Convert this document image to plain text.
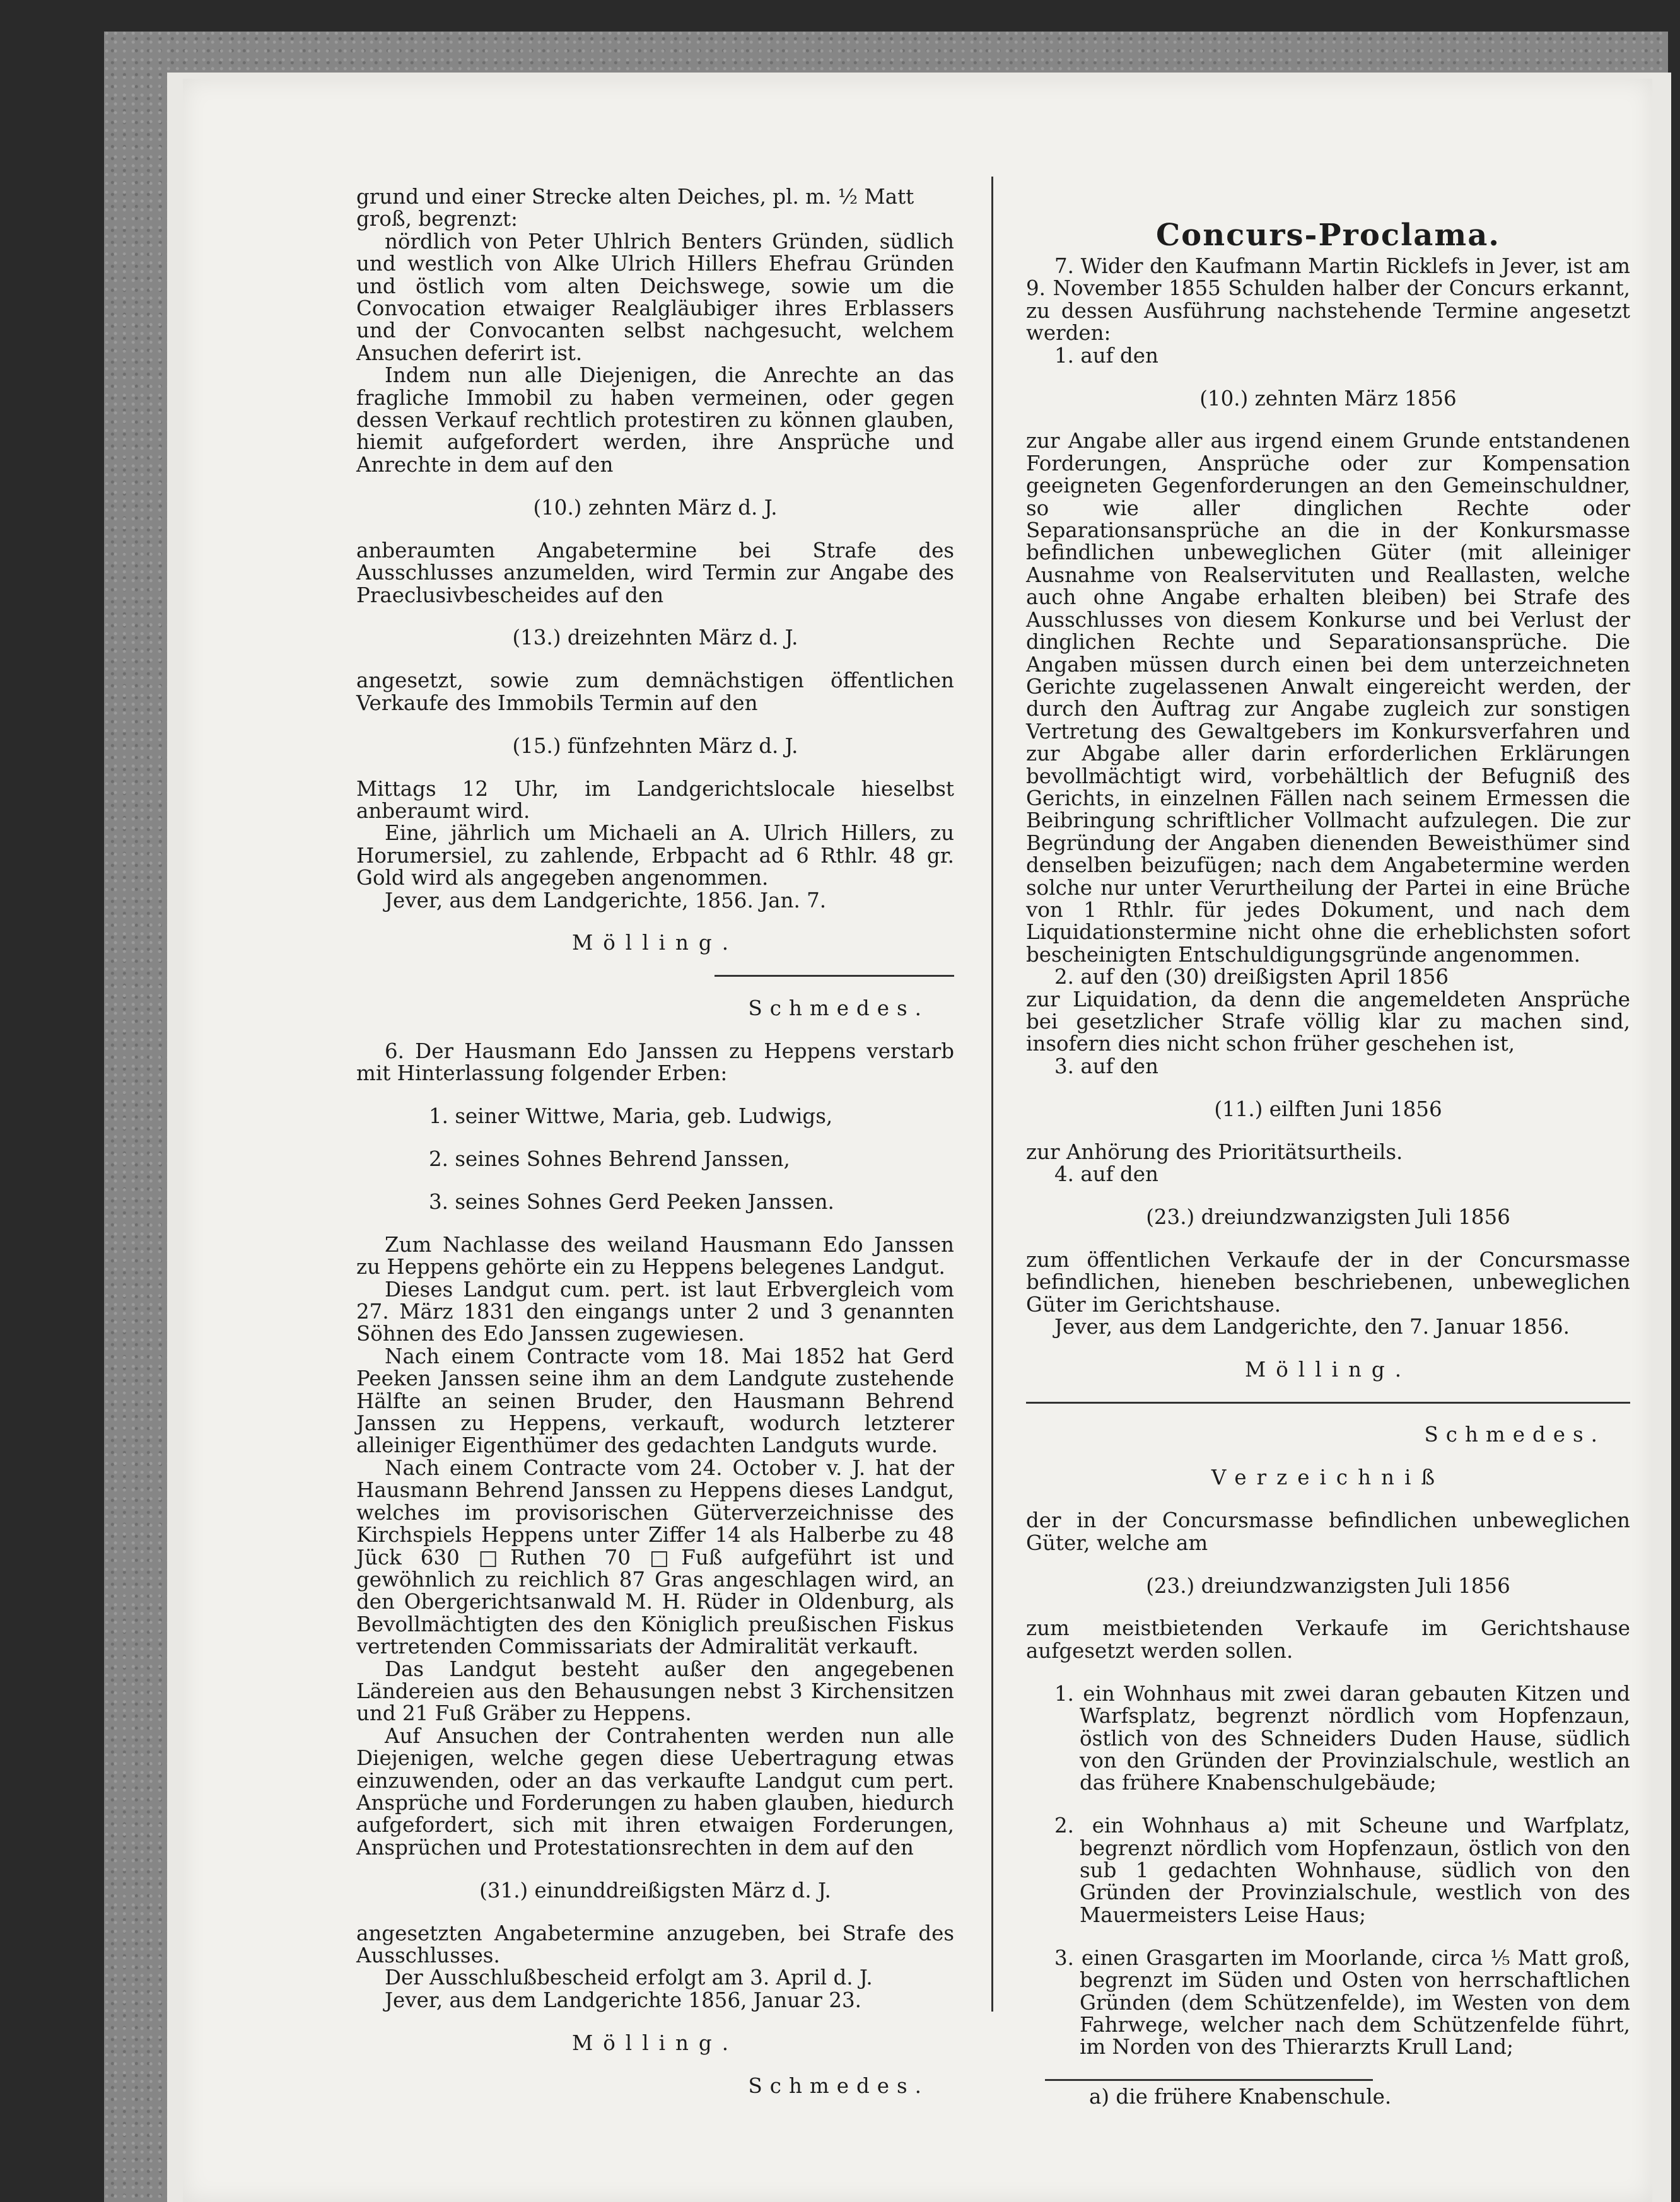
grund und einer Strecke alten Deiches, pl. m. ½ Matt

groß, begrenzt:

nördlich von Peter Uhlrich Benters Gründen, südlich und westlich von Alke Ulrich Hillers Ehefrau Gründen und östlich vom alten Deichswege, sowie um die Convocation etwaiger Realgläubiger ihres Erblassers und der Convocanten selbst nachgesucht, welchem Ansuchen deferirt ist.

Indem nun alle Diejenigen, die Anrechte an das fragliche Immobil zu haben vermeinen, oder gegen dessen Verkauf rechtlich protestiren zu können glauben, hiemit aufgefordert werden, ihre Ansprüche und Anrechte in dem auf den

(10.) zehnten März d. J.

anberaumten Angabetermine bei Strafe des Ausschlusses anzumelden, wird Termin zur Angabe des Praeclusivbescheides auf den

(13.) dreizehnten März d. J.

angesetzt, sowie zum demnächstigen öffentlichen Verkaufe des Immobils Termin auf den

(15.) fünfzehnten März d. J.

Mittags 12 Uhr, im Landgerichtslocale hieselbst anberaumt wird.

Eine, jährlich um Michaeli an A. Ulrich Hillers, zu Horumersiel, zu zahlende, Erbpacht ad 6 Rthlr. 48 gr. Gold wird als angegeben angenommen.

Jever, aus dem Landgerichte, 1856. Jan. 7.

Mölling.

Schmedes.

6. Der Hausmann Edo Janssen zu Heppens verstarb mit Hinterlassung folgender Erben:

1. seiner Wittwe, Maria, geb. Ludwigs,

2. seines Sohnes Behrend Janssen,

3. seines Sohnes Gerd Peeken Janssen.

Zum Nachlasse des weiland Hausmann Edo Janssen zu Heppens gehörte ein zu Heppens belegenes Landgut.

Dieses Landgut cum. pert. ist laut Erbvergleich vom 27. März 1831 den eingangs unter 2 und 3 genannten Söhnen des Edo Janssen zugewiesen.

Nach einem Contracte vom 18. Mai 1852 hat Gerd Peeken Janssen seine ihm an dem Landgute zustehende Hälfte an seinen Bruder, den Hausmann Behrend Janssen zu Heppens, verkauft, wodurch letzterer alleiniger Eigenthümer des gedachten Landguts wurde.

Nach einem Contracte vom 24. October v. J. hat der Hausmann Behrend Janssen zu Heppens dieses Landgut, welches im provisorischen Güterverzeichnisse des Kirchspiels Heppens unter Ziffer 14 als Halberbe zu 48 Jück 630 □Ruthen 70 □Fuß aufgeführt ist und gewöhnlich zu reichlich 87 Gras angeschlagen wird, an den Obergerichtsanwald M. H. Rüder in Oldenburg, als Bevollmächtigten des den Königlich preußischen Fiskus vertretenden Commissariats der Admiralität verkauft.

Das Landgut besteht außer den angegebenen Ländereien aus den Behausungen nebst 3 Kirchensitzen und 21 Fuß Gräber zu Heppens.

Auf Ansuchen der Contrahenten werden nun alle Diejenigen, welche gegen diese Uebertragung etwas einzuwenden, oder an das verkaufte Landgut cum pert. Ansprüche und Forderungen zu haben glauben, hiedurch aufgefordert, sich mit ihren etwaigen Forderungen, Ansprüchen und Protestationsrechten in dem auf den

(31.) einunddreißigsten März d. J.

angesetzten Angabetermine anzugeben, bei Strafe des Ausschlusses.

Der Ausschlußbescheid erfolgt am 3. April d. J.

Jever, aus dem Landgerichte 1856, Januar 23.

Mölling.

Schmedes.

Concurs-Proclama.

7. Wider den Kaufmann Martin Ricklefs in Jever, ist am 9. November 1855 Schulden halber der Concurs erkannt, zu dessen Ausführung nachstehende Termine angesetzt werden:

1. auf den

(10.) zehnten März 1856

zur Angabe aller aus irgend einem Grunde entstandenen Forderungen, Ansprüche oder zur Kompensation geeigneten Gegenforderungen an den Gemeinschuldner, so wie aller dinglichen Rechte oder Separationsansprüche an die in der Konkursmasse befindlichen unbeweglichen Güter (mit alleiniger Ausnahme von Realservituten und Reallasten, welche auch ohne Angabe erhalten bleiben) bei Strafe des Ausschlusses von diesem Konkurse und bei Verlust der dinglichen Rechte und Separationsansprüche. Die Angaben müssen durch einen bei dem unterzeichneten Gerichte zugelassenen Anwalt eingereicht werden, der durch den Auftrag zur Angabe zugleich zur sonstigen Vertretung des Gewaltgebers im Konkursverfahren und zur Abgabe aller darin erforderlichen Erklärungen bevollmächtigt wird, vorbehältlich der Befugniß des Gerichts, in einzelnen Fällen nach seinem Ermessen die Beibringung schriftlicher Vollmacht aufzulegen. Die zur Begründung der Angaben dienenden Beweisthümer sind denselben beizufügen; nach dem Angabetermine werden solche nur unter Verurtheilung der Partei in eine Brüche von 1 Rthlr. für jedes Dokument, und nach dem Liquidationstermine nicht ohne die erheblichsten sofort bescheinigten Entschuldigungsgründe angenommen.

2. auf den (30) dreißigsten April 1856

zur Liquidation, da denn die angemeldeten Ansprüche bei gesetzlicher Strafe völlig klar zu machen sind, insofern dies nicht schon früher geschehen ist,

3. auf den

(11.) eilften Juni 1856

zur Anhörung des Prioritätsurtheils.

4. auf den

(23.) dreiundzwanzigsten Juli 1856

zum öffentlichen Verkaufe der in der Concursmasse befindlichen, hieneben beschriebenen, unbeweglichen Güter im Gerichtshause.

Jever, aus dem Landgerichte, den 7. Januar 1856.

Mölling.

Schmedes.

Verzeichniß

der in der Concursmasse befindlichen unbeweglichen Güter, welche am

(23.) dreiundzwanzigsten Juli 1856

zum meistbietenden Verkaufe im Gerichtshause aufgesetzt werden sollen.

1. ein Wohnhaus mit zwei daran gebauten Kitzen und Warfsplatz, begrenzt nördlich vom Hopfenzaun, östlich von des Schneiders Duden Hause, südlich von den Gründen der Provinzialschule, westlich an das frühere Knabenschulgebäude;

2. ein Wohnhaus a) mit Scheune und Warfplatz, begrenzt nördlich vom Hopfenzaun, östlich von den sub 1 gedachten Wohnhause, südlich von den Gründen der Provinzialschule, westlich von des Mauermeisters Leise Haus;

3. einen Grasgarten im Moorlande, circa ⅕ Matt groß, begrenzt im Süden und Osten von herrschaftlichen Gründen (dem Schützenfelde), im Westen von dem Fahrwege, welcher nach dem Schützenfelde führt, im Norden von des Thierarzts Krull Land;

a) die frühere Knabenschule.
